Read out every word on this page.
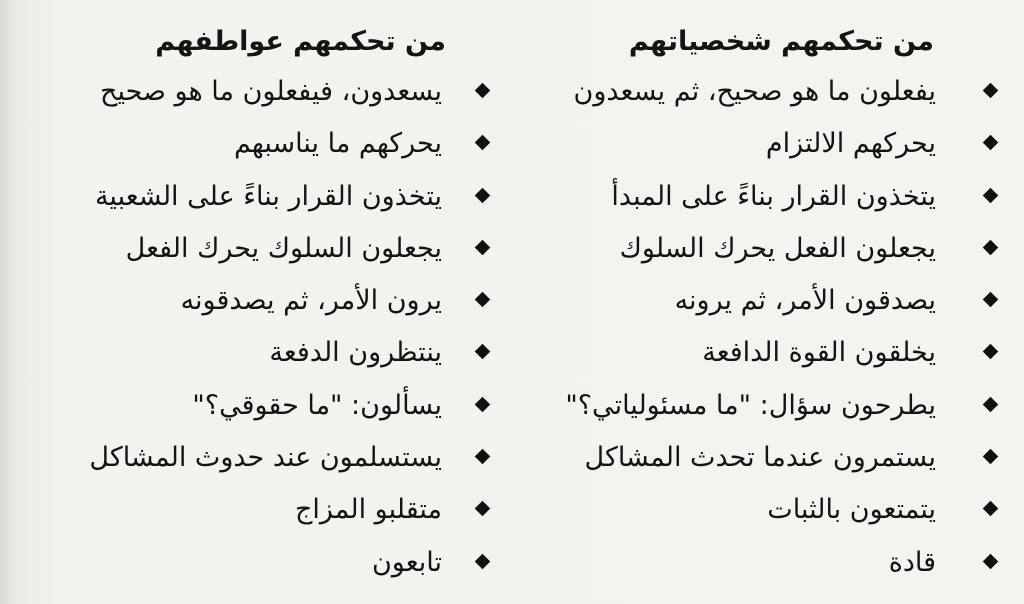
من تحكمهم شخصياتهم
يفعلون ما هو صحيح، ثم يسعدون
يحركهم الالتزام
يتخذون القرار بناءً على المبدأ
يجعلون الفعل يحرك السلوك
يصدقون الأمر، ثم يرونه
يخلقون القوة الدافعة
يطرحون سؤال: "ما مسئولياتي؟"
يستمرون عندما تحدث المشاكل
يتمتعون بالثبات
قادة
من تحكمهم عواطفهم
يسعدون، فيفعلون ما هو صحيح
يحركهم ما يناسبهم
يتخذون القرار بناءً على الشعبية
يجعلون السلوك يحرك الفعل
يرون الأمر، ثم يصدقونه
ينتظرون الدفعة
يسألون: "ما حقوقي؟"
يستسلمون عند حدوث المشاكل
متقلبو المزاج
تابعون
